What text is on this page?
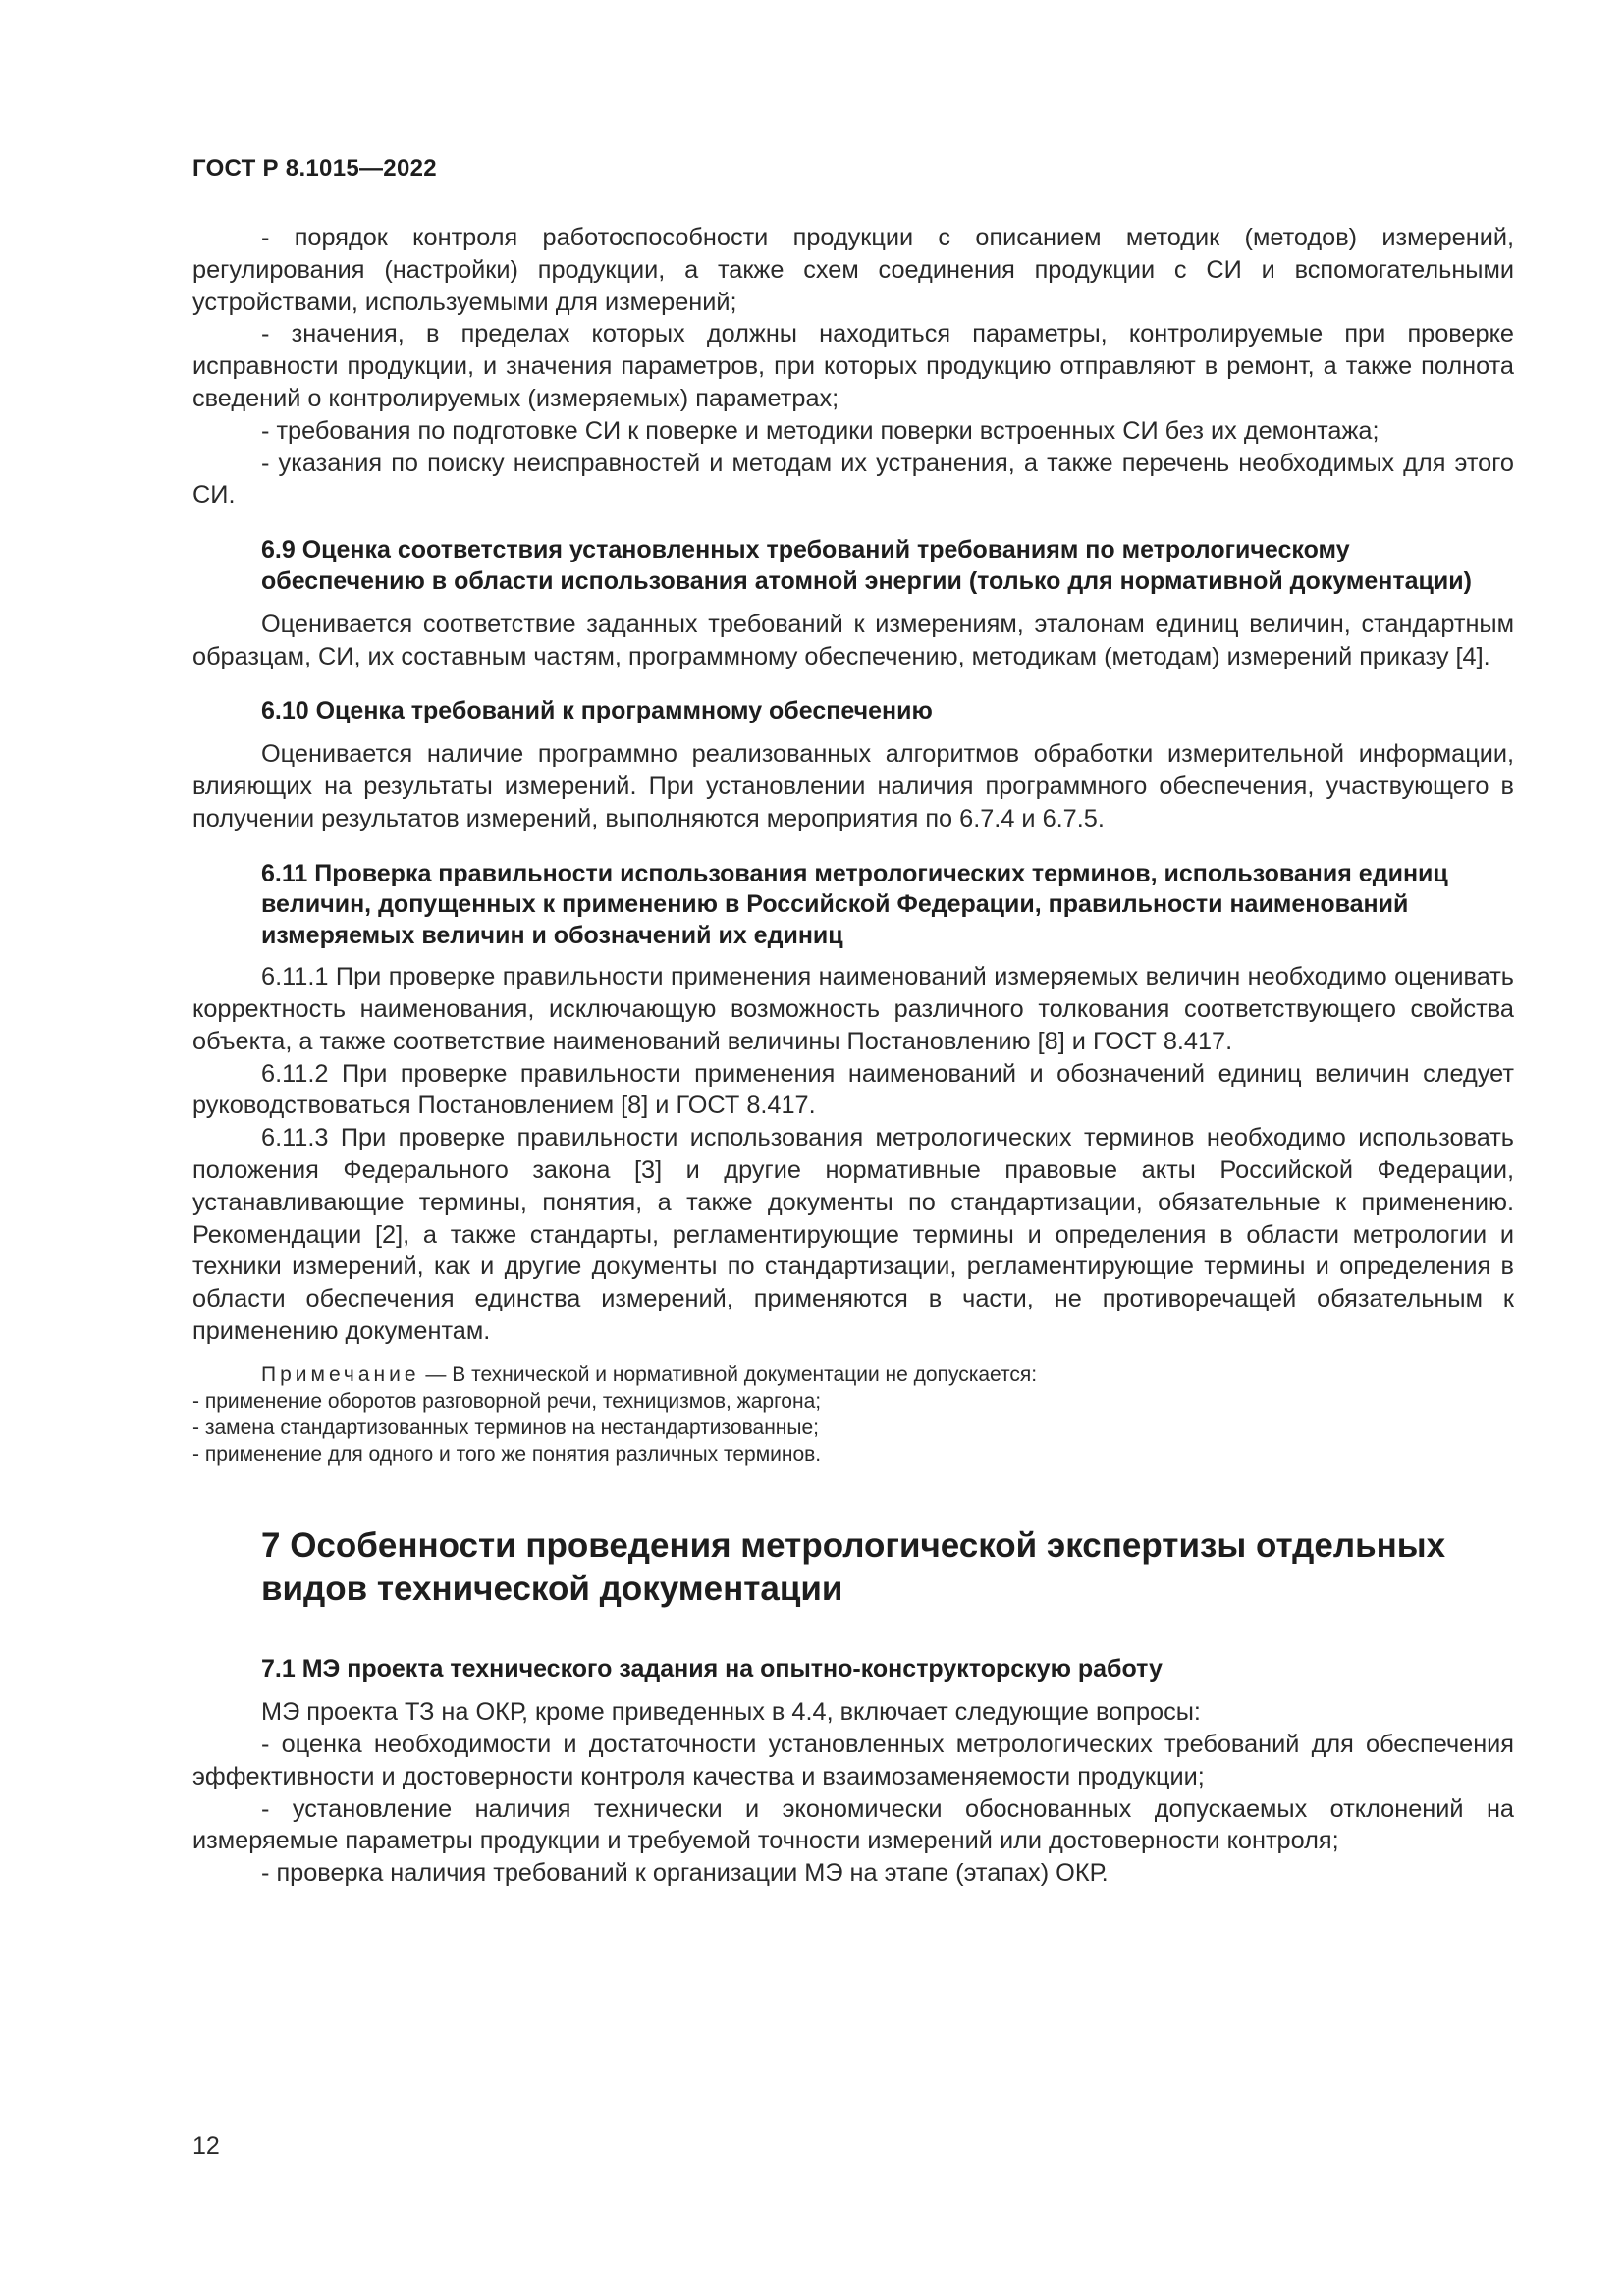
ГОСТ Р 8.1015—2022

- порядок контроля работоспособности продукции с описанием методик (методов) измерений, регулирования (настройки) продукции, а также схем соединения продукции с СИ и вспомогательными устройствами, используемыми для измерений;

- значения, в пределах которых должны находиться параметры, контролируемые при проверке исправности продукции, и значения параметров, при которых продукцию отправляют в ремонт, а также полнота сведений о контролируемых (измеряемых) параметрах;

- требования по подготовке СИ к поверке и методики поверки встроенных СИ без их демонтажа;

- указания по поиску неисправностей и методам их устранения, а также перечень необходимых для этого СИ.

6.9 Оценка соответствия установленных требований требованиям по метрологическому обеспечению в области использования атомной энергии (только для нормативной документации)

Оценивается соответствие заданных требований к измерениям, эталонам единиц величин, стандартным образцам, СИ, их составным частям, программному обеспечению, методикам (методам) измерений приказу [4].

6.10 Оценка требований к программному обеспечению

Оценивается наличие программно реализованных алгоритмов обработки измерительной информации, влияющих на результаты измерений. При установлении наличия программного обеспечения, участвующего в получении результатов измерений, выполняются мероприятия по 6.7.4 и 6.7.5.

6.11 Проверка правильности использования метрологических терминов, использования единиц величин, допущенных к применению в Российской Федерации, правильности наименований измеряемых величин и обозначений их единиц

6.11.1 При проверке правильности применения наименований измеряемых величин необходимо оценивать корректность наименования, исключающую возможность различного толкования соответствующего свойства объекта, а также соответствие наименований величины Постановлению [8] и ГОСТ 8.417.

6.11.2 При проверке правильности применения наименований и обозначений единиц величин следует руководствоваться Постановлением [8] и ГОСТ 8.417.

6.11.3 При проверке правильности использования метрологических терминов необходимо использовать положения Федерального закона [3] и другие нормативные правовые акты Российской Федерации, устанавливающие термины, понятия, а также документы по стандартизации, обязательные к применению. Рекомендации [2], а также стандарты, регламентирующие термины и определения в области метрологии и техники измерений, как и другие документы по стандартизации, регламентирующие термины и определения в области обеспечения единства измерений, применяются в части, не противоречащей обязательным к применению документам.

Примечание — В технической и нормативной документации не допускается:

- применение оборотов разговорной речи, техницизмов, жаргона;

- замена стандартизованных терминов на нестандартизованные;

- применение для одного и того же понятия различных терминов.

7 Особенности проведения метрологической экспертизы отдельных видов технической документации
7.1 МЭ проекта технического задания на опытно-конструкторскую работу

МЭ проекта ТЗ на ОКР, кроме приведенных в 4.4, включает следующие вопросы:

- оценка необходимости и достаточности установленных метрологических требований для обеспечения эффективности и достоверности контроля качества и взаимозаменяемости продукции;

- установление наличия технически и экономически обоснованных допускаемых отклонений на измеряемые параметры продукции и требуемой точности измерений или достоверности контроля;

- проверка наличия требований к организации МЭ на этапе (этапах) ОКР.

12
